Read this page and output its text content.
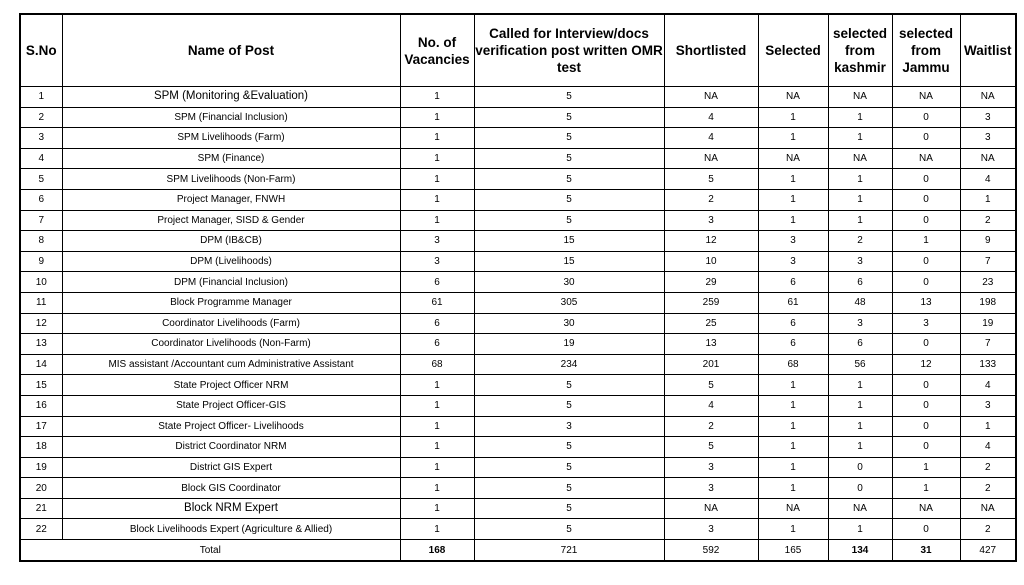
S.No	Name of Post	No. of Vacancies	Called for Interview/docs verification post written OMR test	Shortlisted	Selected	selected from kashmir	selected from Jammu	Waitlist
1	SPM (Monitoring &Evaluation)	1	5	NA	NA	NA	NA	NA
2	SPM (Financial Inclusion)	1	5	4	1	1	0	3
3	SPM Livelihoods (Farm)	1	5	4	1	1	0	3
4	SPM (Finance)	1	5	NA	NA	NA	NA	NA
5	SPM Livelihoods (Non-Farm)	1	5	5	1	1	0	4
6	Project Manager, FNWH	1	5	2	1	1	0	1
7	Project Manager, SISD & Gender	1	5	3	1	1	0	2
8	DPM (IB&CB)	3	15	12	3	2	1	9
9	DPM (Livelihoods)	3	15	10	3	3	0	7
10	DPM (Financial Inclusion)	6	30	29	6	6	0	23
11	Block Programme Manager	61	305	259	61	48	13	198
12	Coordinator Livelihoods (Farm)	6	30	25	6	3	3	19
13	Coordinator Livelihoods (Non-Farm)	6	19	13	6	6	0	7
14	MIS assistant /Accountant cum Administrative Assistant	68	234	201	68	56	12	133
15	State Project Officer NRM	1	5	5	1	1	0	4
16	State Project Officer-GIS	1	5	4	1	1	0	3
17	State Project Officer- Livelihoods	1	3	2	1	1	0	1
18	District Coordinator NRM	1	5	5	1	1	0	4
19	District GIS Expert	1	5	3	1	0	1	2
20	Block GIS Coordinator	1	5	3	1	0	1	2
21	Block NRM Expert	1	5	NA	NA	NA	NA	NA
22	Block Livelihoods Expert (Agriculture & Allied)	1	5	3	1	1	0	2
Total		168	721	592	165	134	31	427
